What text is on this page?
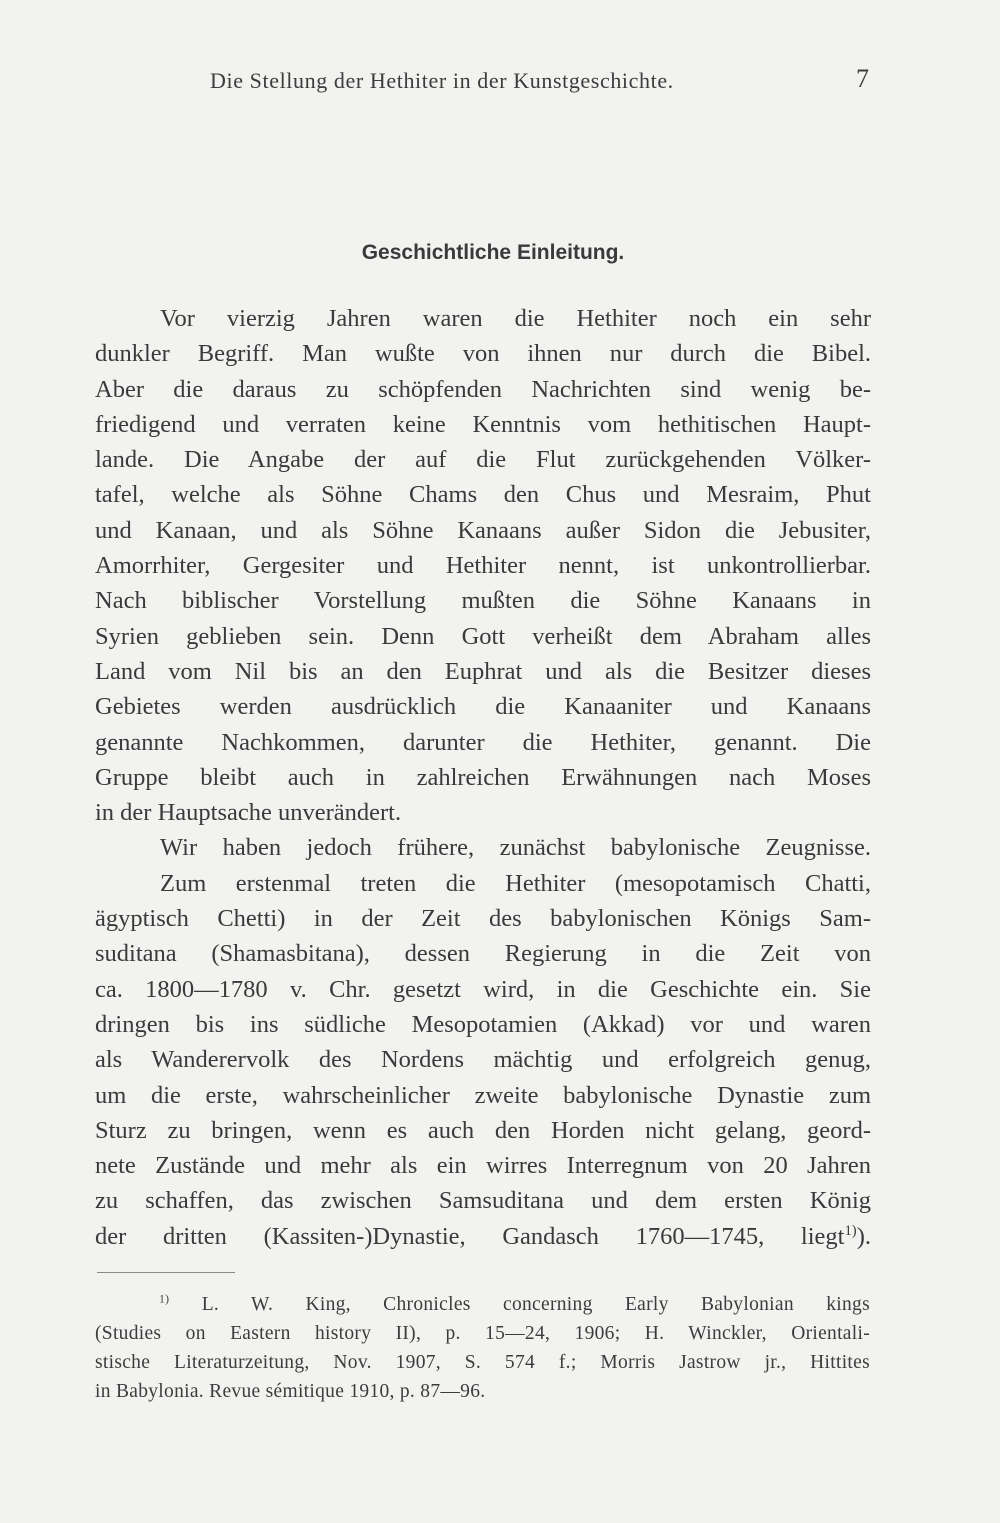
Die Stellung der Hethiter in der Kunstgeschichte.	7
Geschichtliche Einleitung.
Vor vierzig Jahren waren die Hethiter noch ein sehr
dunkler Begriff. Man wußte von ihnen nur durch die Bibel.
Aber die daraus zu schöpfenden Nachrichten sind wenig be-
friedigend und verraten keine Kenntnis vom hethitischen Haupt-
lande. Die Angabe der auf die Flut zurückgehenden Völker-
tafel, welche als Söhne Chams den Chus und Mesraim, Phut
und Kanaan, und als Söhne Kanaans außer Sidon die Jebusiter,
Amorrhiter, Gergesiter und Hethiter nennt, ist unkontrollierbar.
Nach biblischer Vorstellung mußten die Söhne Kanaans in
Syrien geblieben sein. Denn Gott verheißt dem Abraham alles
Land vom Nil bis an den Euphrat und als die Besitzer dieses
Gebietes werden ausdrücklich die Kanaaniter und Kanaans
genannte Nachkommen, darunter die Hethiter, genannt. Die
Gruppe bleibt auch in zahlreichen Erwähnungen nach Moses
in der Hauptsache unverändert.
Wir haben jedoch frühere, zunächst babylonische Zeugnisse.
Zum erstenmal treten die Hethiter (mesopotamisch Chatti,
ägyptisch Chetti) in der Zeit des babylonischen Königs Sam-
suditana (Shamasbitana), dessen Regierung in die Zeit von
ca. 1800—1780 v. Chr. gesetzt wird, in die Geschichte ein. Sie
dringen bis ins südliche Mesopotamien (Akkad) vor und waren
als Wanderervolk des Nordens mächtig und erfolgreich genug,
um die erste, wahrscheinlicher zweite babylonische Dynastie zum
Sturz zu bringen, wenn es auch den Horden nicht gelang, geord-
nete Zustände und mehr als ein wirres Interregnum von 20 Jahren
zu schaffen, das zwischen Samsuditana und dem ersten König
der dritten (Kassiten-)Dynastie, Gandasch 1760—1745, liegt$^{1)}$).
$^{1)}$ L. W. King, Chronicles concerning Early Babylonian kings
(Studies on Eastern history II), p. 15—24, 1906; H. Winckler, Orientali-
stische Literaturzeitung, Nov. 1907, S. 574 f.; Morris Jastrow jr., Hittites
in Babylonia. Revue sémitique 1910, p. 87—96.
